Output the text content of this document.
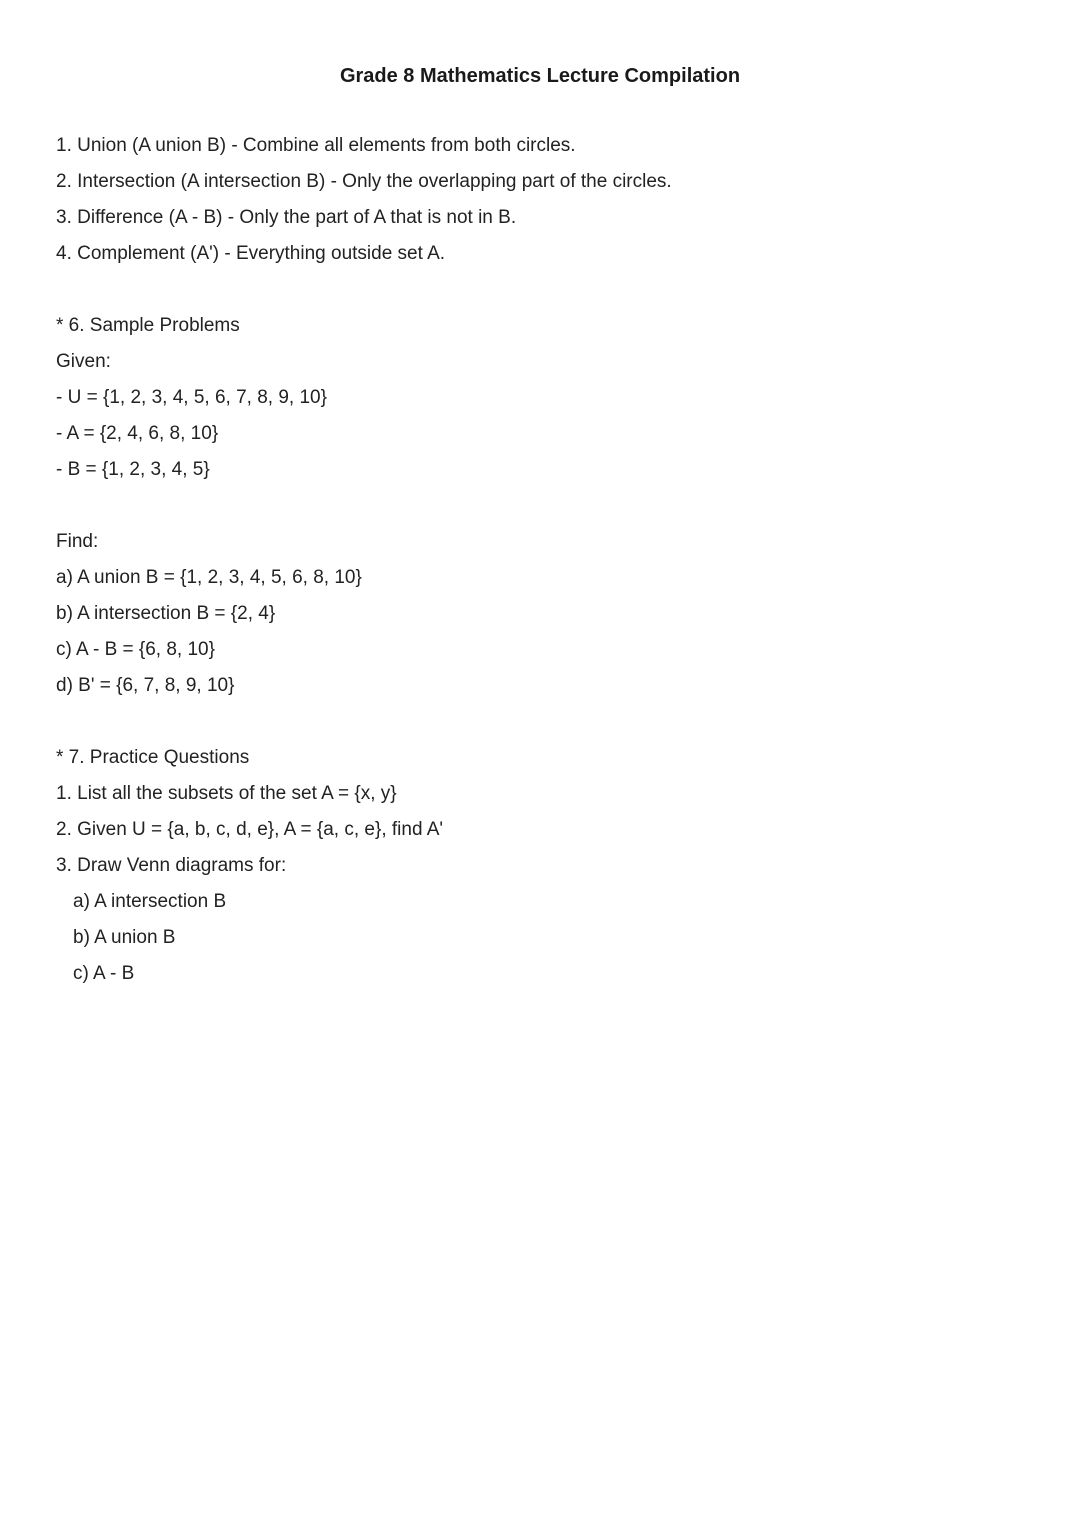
Grade 8 Mathematics Lecture Compilation
1. Union (A union B) - Combine all elements from both circles.
2. Intersection (A intersection B) - Only the overlapping part of the circles.
3. Difference (A - B) - Only the part of A that is not in B.
4. Complement (A') - Everything outside set A.
* 6. Sample Problems
Given:
- U = {1, 2, 3, 4, 5, 6, 7, 8, 9, 10}
- A = {2, 4, 6, 8, 10}
- B = {1, 2, 3, 4, 5}
Find:
a) A union B = {1, 2, 3, 4, 5, 6, 8, 10}
b) A intersection B = {2, 4}
c) A - B = {6, 8, 10}
d) B' = {6, 7, 8, 9, 10}
* 7. Practice Questions
1. List all the subsets of the set A = {x, y}
2. Given U = {a, b, c, d, e}, A = {a, c, e}, find A'
3. Draw Venn diagrams for:
a) A intersection B
b) A union B
c) A - B
